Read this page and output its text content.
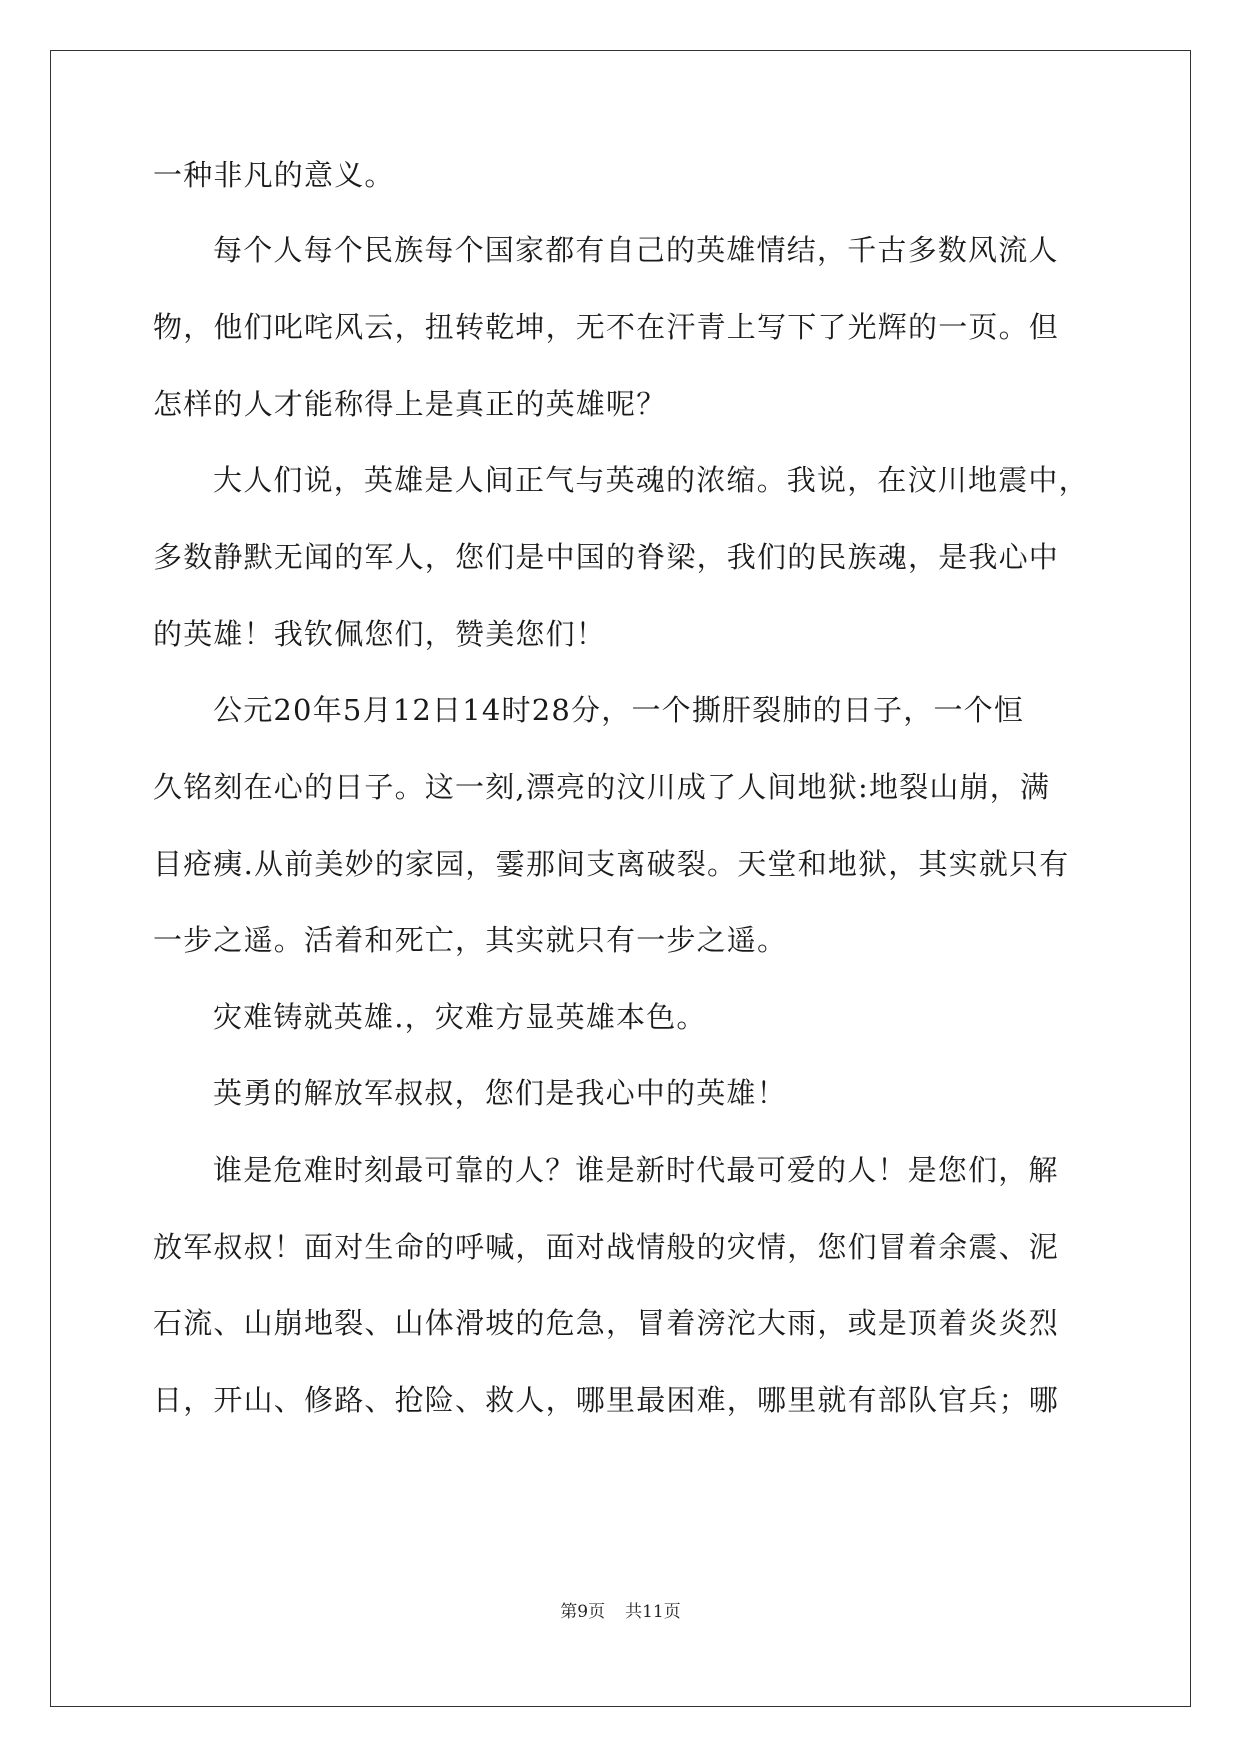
一种非凡的意义。
每个人每个民族每个国家都有自己的英雄情结，千古多数风流人
物，他们叱咤风云，扭转乾坤，无不在汗青上写下了光辉的一页。但
怎样的人才能称得上是真正的英雄呢？
大人们说，英雄是人间正气与英魂的浓缩。我说，在汶川地震中，
多数静默无闻的军人，您们是中国的脊梁，我们的民族魂，是我心中
的英雄！我钦佩您们，赞美您们！
公元20年5月12日14时28分，一个撕肝裂肺的日子，一个恒
久铭刻在心的日子。这一刻,漂亮的汶川成了人间地狱:地裂山崩，满
目疮痍.从前美妙的家园，霎那间支离破裂。天堂和地狱，其实就只有
一步之遥。活着和死亡，其实就只有一步之遥。
灾难铸就英雄.，灾难方显英雄本色。
英勇的解放军叔叔，您们是我心中的英雄！
谁是危难时刻最可靠的人？谁是新时代最可爱的人！是您们，解
放军叔叔！面对生命的呼喊，面对战情般的灾情，您们冒着余震、泥
石流、山崩地裂、山体滑坡的危急，冒着滂沱大雨，或是顶着炎炎烈
日，开山、修路、抢险、救人，哪里最困难，哪里就有部队官兵；哪
第9页 共11页
